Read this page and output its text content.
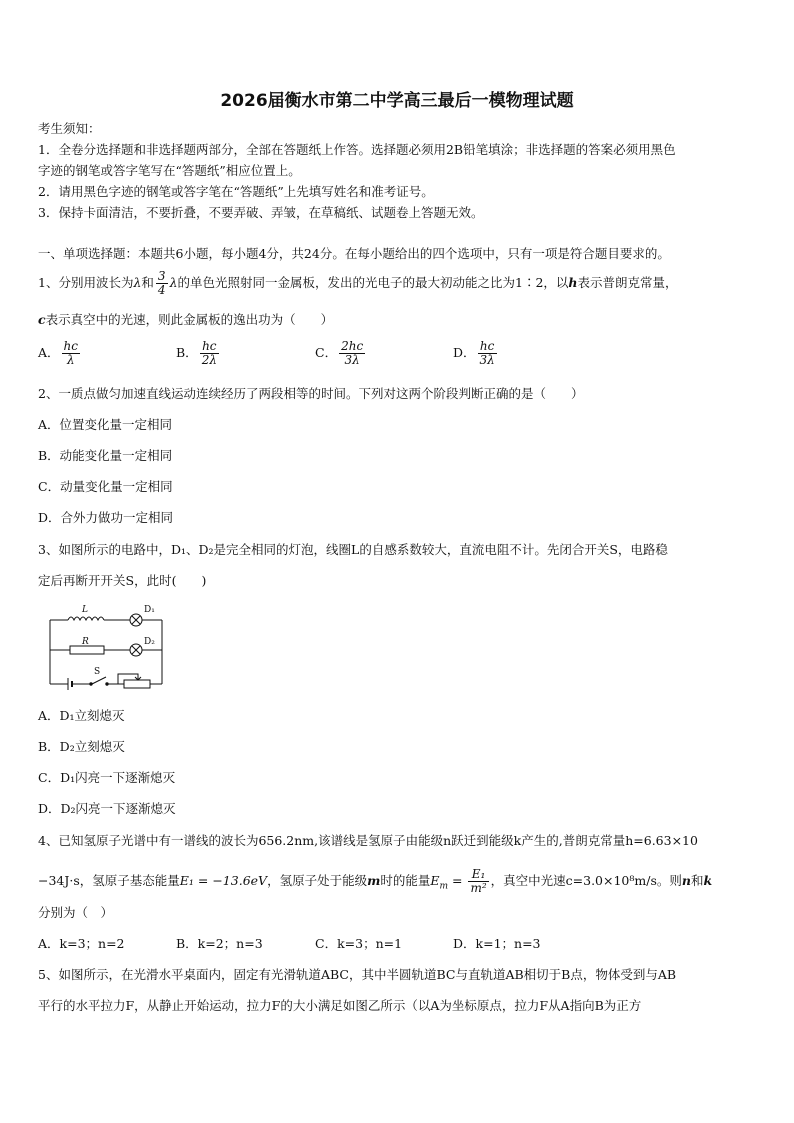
2026届衡水市第二中学高三最后一模物理试题
考生须知：
1．全卷分选择题和非选择题两部分，全部在答题纸上作答。选择题必须用2B铅笔填涂；非选择题的答案必须用黑色
字迹的钢笔或答字笔写在“答题纸”相应位置上。
2．请用黑色字迹的钢笔或答字笔在“答题纸”上先填写姓名和准考证号。
3．保持卡面清洁，不要折叠，不要弄破、弄皱，在草稿纸、试题卷上答题无效。
一、单项选择题：本题共6小题，每小题4分，共24分。在每小题给出的四个选项中，只有一项是符合题目要求的。
1、分别用波长为λ和 $\frac{3}{4}$ λ的单色光照射同一金属板，发出的光电子的最大初动能之比为1∶2，以h表示普朗克常量，
c表示真空中的光速，则此金属板的逸出功为（　　）
A． $\frac{hc}{\lambda}$	B． $\frac{hc}{2\lambda}$	C． $\frac{2hc}{3\lambda}$	D． $\frac{hc}{3\lambda}$
2、一质点做匀加速直线运动连续经历了两段相等的时间。下列对这两个阶段判断正确的是（　　）
A．位置变化量一定相同
B．动能变化量一定相同
C．动量变化量一定相同
D．合外力做功一定相同
3、如图所示的电路中，D₁、D₂是完全相同的灯泡，线圈L的自感系数较大，直流电阻不计。先闭合开关S，电路稳
定后再断开开关S，此时(　　)
L	D₁
R	D₂
S
A．D₁立刻熄灭
B．D₂立刻熄灭
C．D₁闪亮一下逐渐熄灭
D．D₂闪亮一下逐渐熄灭
4、已知氢原子光谱中有一谱线的波长为656.2nm,该谱线是氢原子由能级n跃迁到能级k产生的,普朗克常量h=6.63×10
−34J·s，氢原子基态能量E₁ = −13.6eV，氢原子处于能级m时的能量$E_m = \frac{\text{E₁}}{\text{m²}}$ ，真空中光速c=3.0×10⁸m/s。则n和k
分别为（　）
A．k=3；n=2	B．k=2；n=3	C．k=3；n=1	D．k=1；n=3
5、如图所示，在光滑水平桌面内，固定有光滑轨道ABC，其中半圆轨道BC与直轨道AB相切于B点，物体受到与AB
平行的水平拉力F，从静止开始运动，拉力F的大小满足如图乙所示（以A为坐标原点，拉力F从A指向B为正方
